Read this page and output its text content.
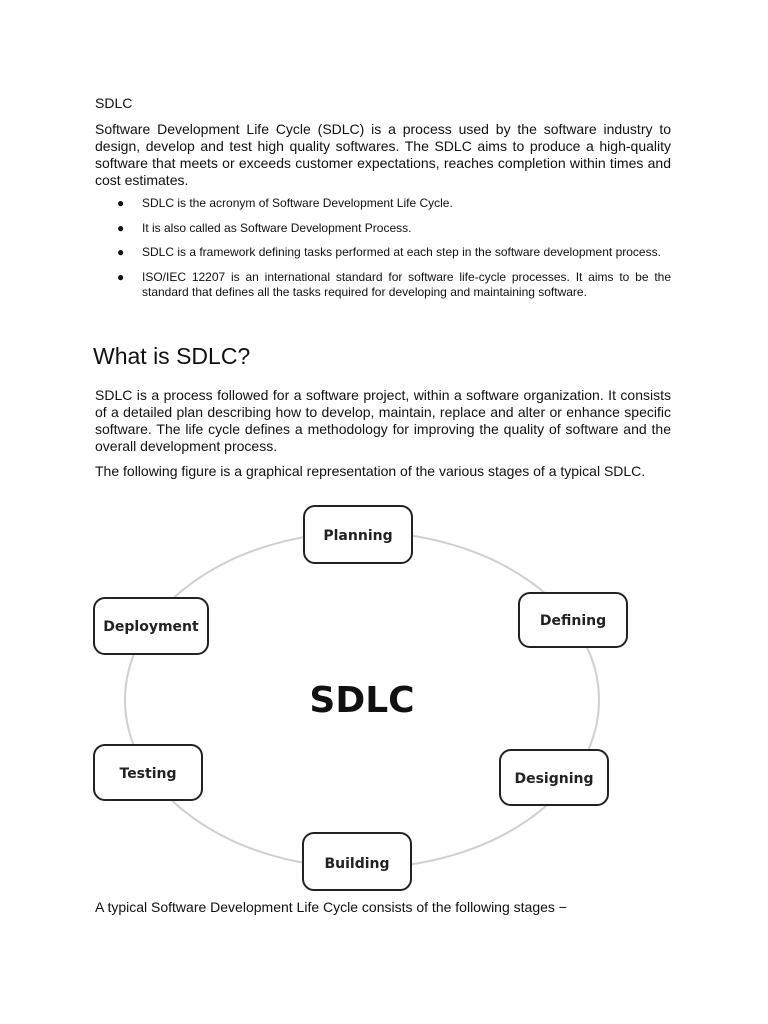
SDLC

Software Development Life Cycle (SDLC) is a process used by the software industry to design, develop and test high quality softwares. The SDLC aims to produce a high-quality software that meets or exceeds customer expectations, reaches completion within times and cost estimates.

● SDLC is the acronym of Software Development Life Cycle.
● It is also called as Software Development Process.
● SDLC is a framework defining tasks performed at each step in the software development process.
● ISO/IEC 12207 is an international standard for software life-cycle processes. It aims to be the standard that defines all the tasks required for developing and maintaining software.
What is SDLC?

SDLC is a process followed for a software project, within a software organization. It consists of a detailed plan describing how to develop, maintain, replace and alter or enhance specific software. The life cycle defines a methodology for improving the quality of software and the overall development process.

The following figure is a graphical representation of the various stages of a typical SDLC.

Planning
Defining
Designing
Building
Testing
Deployment
SDLC
A typical Software Development Life Cycle consists of the following stages −
